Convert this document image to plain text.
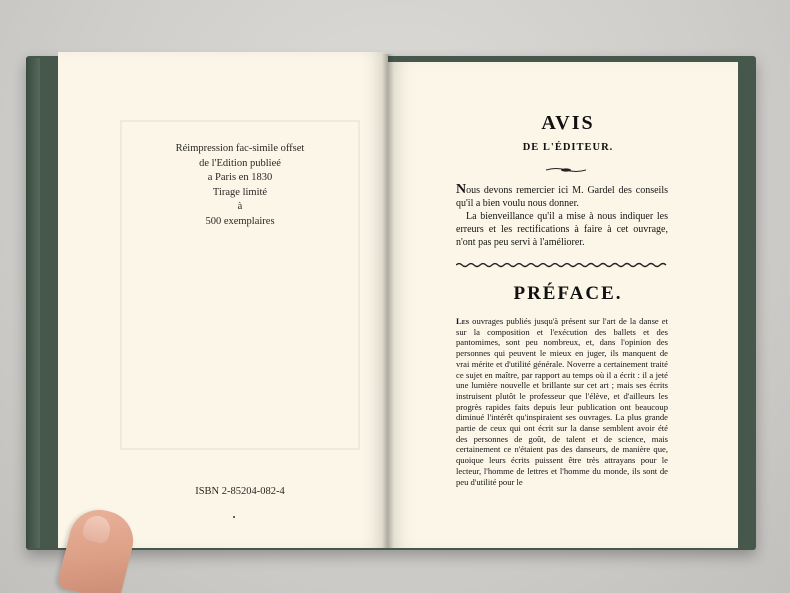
Réimpression fac-simile offset
de l'Edition publieé
a Paris en 1830
Tirage limité
à
500 exemplaires
ISBN 2-85204-082-4
AVIS
DE L'ÉDITEUR.

Nous devons remercier ici M. Gardel des conseils qu'il a bien voulu nous donner.

La bienveillance qu'il a mise à nous indiquer les erreurs et les rectifications à faire à cet ouvrage, n'ont pas peu servi à l'améliorer.

PRÉFACE.
Les ouvrages publiés jusqu'à présent sur l'art de la danse et sur la composition et l'exécution des ballets et des pantomimes, sont peu nombreux, et, dans l'opinion des personnes qui peuvent le mieux en juger, ils manquent de vrai mérite et d'utilité générale. Noverre a certainement traité ce sujet en maître, par rapport au temps où il a écrit : il a jeté une lumière nouvelle et brillante sur cet art ; mais ses écrits instruisent plutôt le professeur que l'élève, et d'ailleurs les progrès rapides faits depuis leur publication ont beaucoup diminué l'intérêt qu'inspiraient ses ouvrages. La plus grande partie de ceux qui ont écrit sur la danse semblent avoir été des personnes de goût, de talent et de science, mais certainement ce n'étaient pas des danseurs, de manière que, quoique leurs écrits puissent être très attrayans pour le lecteur, l'homme de lettres et l'homme du monde, ils sont de peu d'utilité pour le
